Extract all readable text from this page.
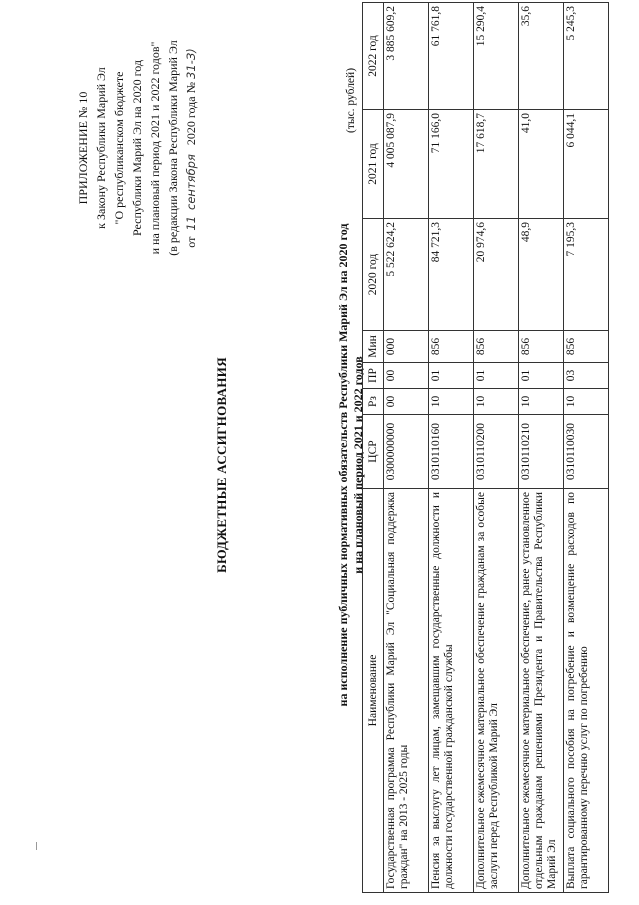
ПРИЛОЖЕНИЕ № 10 к Закону Республики Марий Эл "О республиканском бюджете Республики Марий Эл на 2020 год и на плановый период 2021 и 2022 годов" (в редакции Закона Республики Марий Эл от  11  сентября   2020 года № 31-З)
БЮДЖЕТНЫЕ АССИГНОВАНИЯ	на исполнение публичных нормативных обязательств Республики Марий Эл на 2020 год и на плановый период 2021 и 2022 годов
(тыс. рублей)
Наименование	ЦСР	Рз	ПР	Мин	2020 год	2021 год	2022 год
Государственная программа Республики Марий Эл "Социальная поддержка граждан" на 2013 - 2025 годы	0300000000	00	00	000	5 522 624,2	4 005 087,9	3 885 609,2
Пенсия за выслугу лет лицам, замещавшим государственные должности и должности государственной гражданской службы	0310110160	10	01	856	84 721,3	71 166,0	61 761,8
Дополнительное ежемесячное материальное обеспечение гражданам за особые заслуги перед Республикой Марий Эл	0310110200	10	01	856	20 974,6	17 618,7	15 290,4
Дополнительное ежемесячное материальное обеспечение, ранее установленное отдельным гражданам решениями Президента и Правительства Республики Марий Эл	0310110210	10	01	856	48,9	41,0	35,6
Выплата социального пособия на погребение и возмещение расходов по гарантированному перечню услуг по погребению	0310110030	10	03	856	7 195,3	6 044,1	5 245,3
